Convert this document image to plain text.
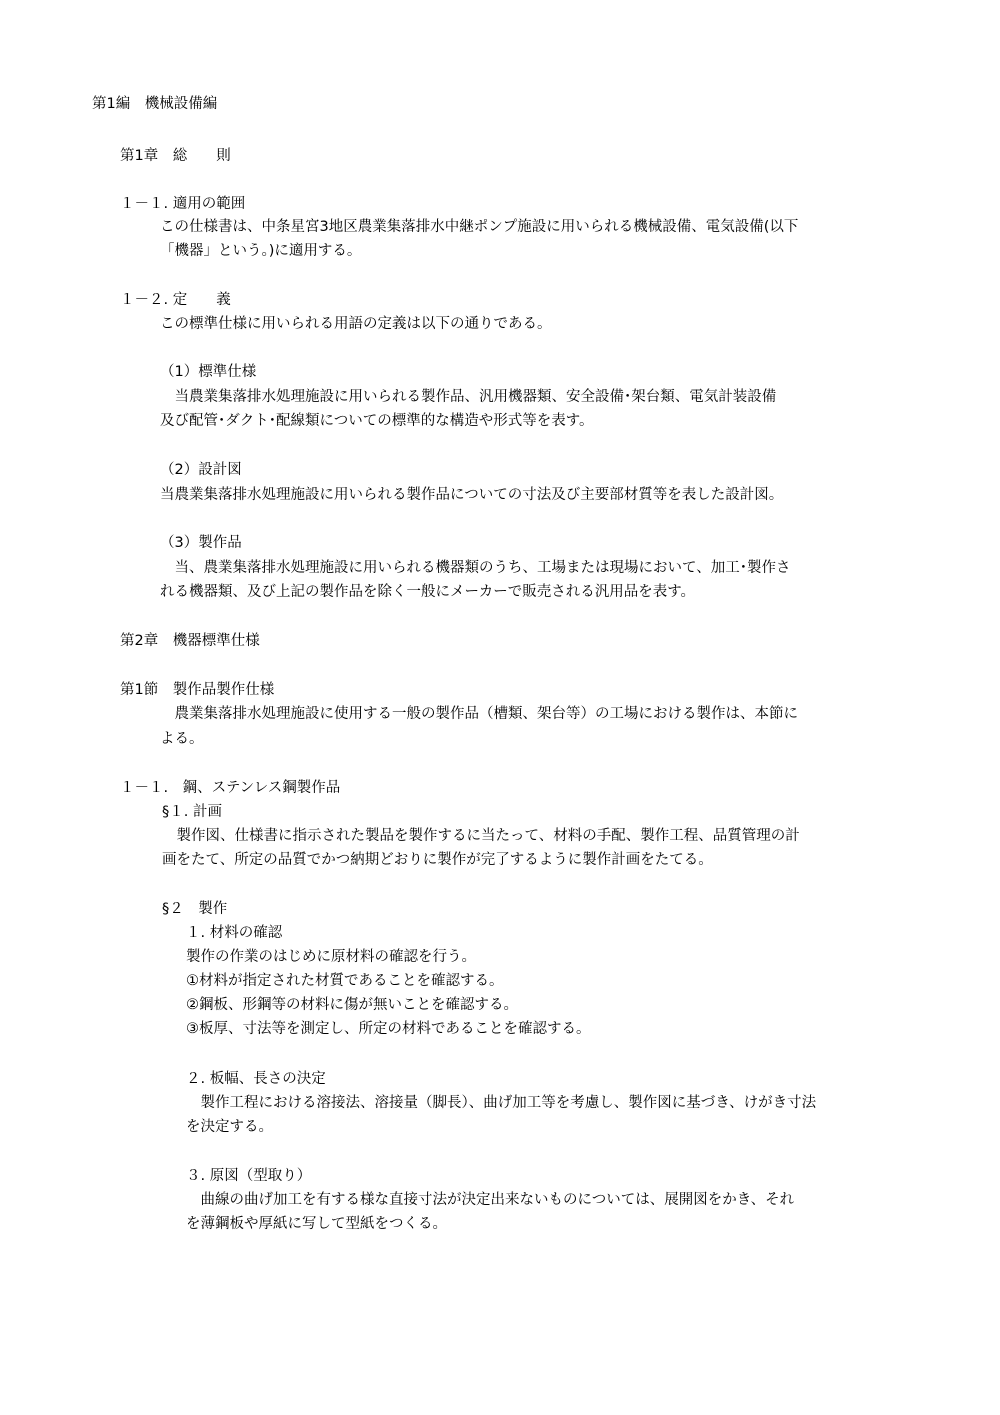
第1編　機械設備編

第1章　総　　則

１－１. 適用の範囲

この仕様書は、中条星宮3地区農業集落排水中継ポンプ施設に用いられる機械設備、電気設備(以下

「機器」という。)に適用する。

１－２. 定　　義

この標準仕様に用いられる用語の定義は以下の通りである。

（1）標準仕様

　当農業集落排水処理施設に用いられる製作品、汎用機器類、安全設備･架台類、電気計装設備

及び配管･ダクト･配線類についての標準的な構造や形式等を表す。

（2）設計図

当農業集落排水処理施設に用いられる製作品についての寸法及び主要部材質等を表した設計図。

（3）製作品

　当、農業集落排水処理施設に用いられる機器類のうち、工場または現場において、加工･製作さ

れる機器類、及び上記の製作品を除く一般にメーカーで販売される汎用品を表す。

第2章　機器標準仕様

第1節　製作品製作仕様

　農業集落排水処理施設に使用する一般の製作品（槽類、架台等）の工場における製作は、本節に

よる。

１－１.　鋼、ステンレス鋼製作品

§１. 計画

　製作図、仕様書に指示された製品を製作するに当たって、材料の手配、製作工程、品質管理の計

画をたて、所定の品質でかつ納期どおりに製作が完了するように製作計画をたてる。

§２　製作

１. 材料の確認

製作の作業のはじめに原材料の確認を行う。

①材料が指定された材質であることを確認する。

②鋼板、形鋼等の材料に傷が無いことを確認する。

③板厚、寸法等を測定し、所定の材料であることを確認する。

２. 板幅、長さの決定

　製作工程における溶接法、溶接量（脚長）、曲げ加工等を考慮し、製作図に基づき、けがき寸法

を決定する。

３. 原図（型取り）

　曲線の曲げ加工を有する様な直接寸法が決定出来ないものについては、展開図をかき、それ

を薄鋼板や厚紙に写して型紙をつくる。
